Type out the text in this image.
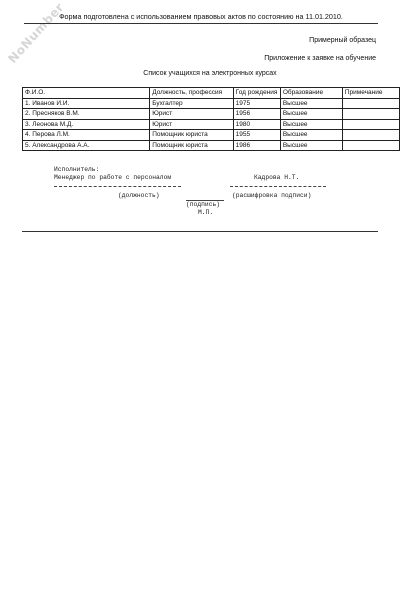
NoNumber
Форма подготовлена с использованием правовых актов по состоянию на 11.01.2010.
Примерный образец
Приложение к заявке на обучение
Список учащихся на электронных курсах
Ф.И.О.	Должность, профессия	Год рождения	Образование	Примечание
1. Иванов И.И.	Бухгалтер	1975	Высшее	
2. Пресняков В.М.	Юрист	1956	Высшее	
3. Леонова М.Д.	Юрист	1980	Высшее	
4. Перова Л.М.	Помощник юриста	1955	Высшее	
5. Александрова А.А.	Помощник юриста	1986	Высшее	
Исполнитель:
Менеджер по работе с персоналом	Кадрова Н.Т.
(должность)	(расшифровка подписи)
(подпись)
М.П.
